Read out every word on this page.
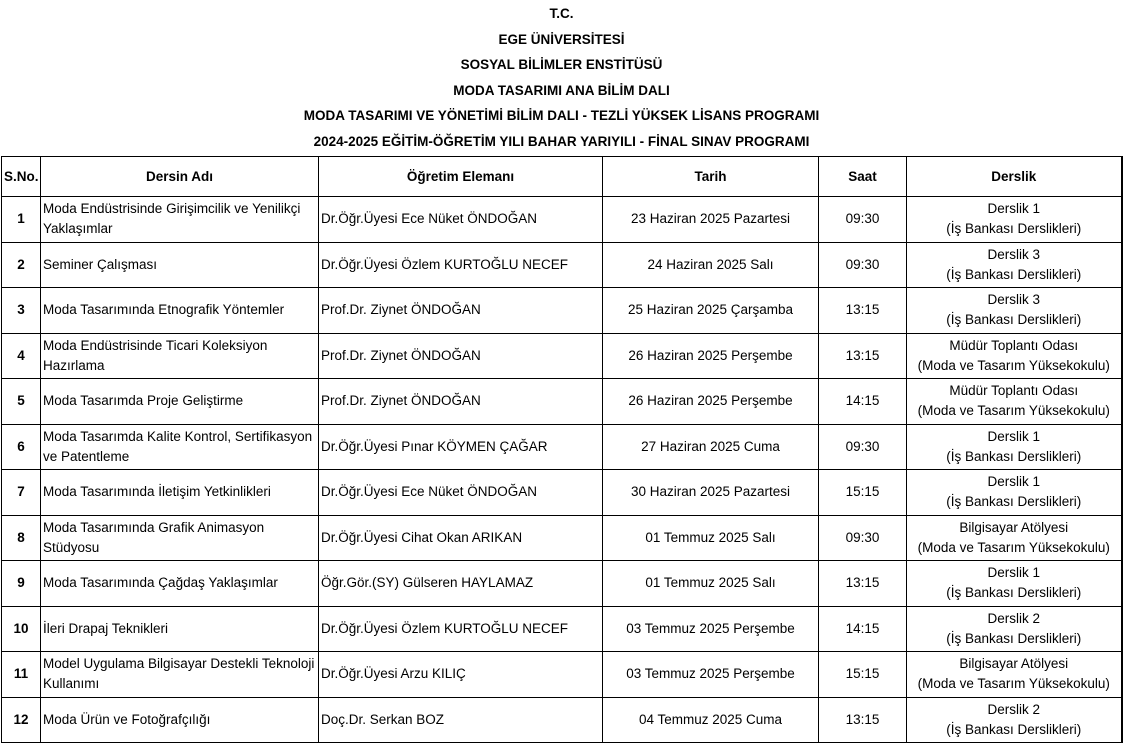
T.C.
EGE ÜNİVERSİTESİ
SOSYAL BİLİMLER ENSTİTÜSÜ
MODA TASARIMI ANA BİLİM DALI
MODA TASARIMI VE YÖNETİMİ BİLİM DALI - TEZLİ YÜKSEK LİSANS PROGRAMI
2024-2025 EĞİTİM-ÖĞRETİM YILI BAHAR YARIYILI - FİNAL SINAV PROGRAMI
S.No.	Dersin Adı	Öğretim Elemanı	Tarih	Saat	Derslik
1	Moda Endüstrisinde Girişimcilik ve Yenilikçi Yaklaşımlar	Dr.Öğr.Üyesi Ece Nüket ÖNDOĞAN	23 Haziran 2025 Pazartesi	09:30	Derslik 1
(İş Bankası Derslikleri)

2	Seminer Çalışması	Dr.Öğr.Üyesi Özlem KURTOĞLU NECEF	24 Haziran 2025 Salı	09:30	Derslik 3
(İş Bankası Derslikleri)

3	Moda Tasarımında Etnografik Yöntemler	Prof.Dr. Ziynet ÖNDOĞAN	25 Haziran 2025 Çarşamba	13:15	Derslik 3
(İş Bankası Derslikleri)

4	Moda Endüstrisinde Ticari Koleksiyon Hazırlama	Prof.Dr. Ziynet ÖNDOĞAN	26 Haziran 2025 Perşembe	13:15	Müdür Toplantı Odası
(Moda ve Tasarım Yüksekokulu)

5	Moda Tasarımda Proje Geliştirme	Prof.Dr. Ziynet ÖNDOĞAN	26 Haziran 2025 Perşembe	14:15	Müdür Toplantı Odası
(Moda ve Tasarım Yüksekokulu)

6	Moda Tasarımda Kalite Kontrol, Sertifikasyon ve Patentleme	Dr.Öğr.Üyesi Pınar KÖYMEN ÇAĞAR	27 Haziran 2025 Cuma	09:30	Derslik 1
(İş Bankası Derslikleri)

7	Moda Tasarımında İletişim Yetkinlikleri	Dr.Öğr.Üyesi Ece Nüket ÖNDOĞAN	30 Haziran 2025 Pazartesi	15:15	Derslik 1
(İş Bankası Derslikleri)

8	Moda Tasarımında Grafik Animasyon Stüdyosu	Dr.Öğr.Üyesi Cihat Okan ARIKAN	01 Temmuz 2025 Salı	09:30	Bilgisayar Atölyesi
(Moda ve Tasarım Yüksekokulu)

9	Moda Tasarımında Çağdaş Yaklaşımlar	Öğr.Gör.(SY) Gülseren HAYLAMAZ	01 Temmuz 2025 Salı	13:15	Derslik 1
(İş Bankası Derslikleri)

10	İleri Drapaj Teknikleri	Dr.Öğr.Üyesi Özlem KURTOĞLU NECEF	03 Temmuz 2025 Perşembe	14:15	Derslik 2
(İş Bankası Derslikleri)

11	Model Uygulama Bilgisayar Destekli Teknoloji Kullanımı	Dr.Öğr.Üyesi Arzu KILIÇ	03 Temmuz 2025 Perşembe	15:15	Bilgisayar Atölyesi
(Moda ve Tasarım Yüksekokulu)

12	Moda Ürün ve Fotoğrafçılığı	Doç.Dr. Serkan BOZ	04 Temmuz 2025 Cuma	13:15	Derslik 2
(İş Bankası Derslikleri)
